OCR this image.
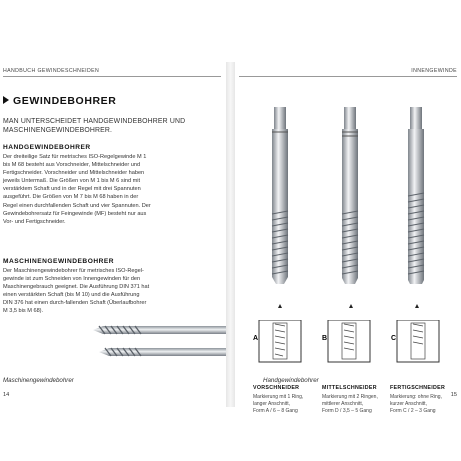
HANDBUCH GEWINDESCHNEIDEN
GEWINDEBOHRER
MAN UNTERSCHEIDET HANDGEWINDEBOHRER UND MASCHINENGEWINDEBOHRER.
HANDGEWINDEBOHRER
Der dreiteilige Satz für metrisches ISO-Regelgewinde M 1
bis M 68 besteht aus Vorschneider, Mittelschneider und
Fertigschneider. Vorschneider und Mittelschneider haben
jeweils Untermaß. Die Größen von M 1 bis M 6 sind mit
verstärktem Schaft und in der Regel mit drei Spannuten
ausgeführt. Die Größen von M 7 bis M 68 haben in der
Regel einen durchfallenden Schaft und vier Spannuten. Der
Gewindebohrersatz für Feingewinde (MF) besteht nur aus
Vor- und Fertigschneider.
MASCHINENGEWINDEBOHRER
Der Maschinengewindebohrer für metrisches ISO-Regel-
gewinde ist zum Schneiden von Innengewinden für den
Maschinengebrauch geeignet. Die Ausführung DIN 371 hat
einen verstärkten Schaft (bis M 10) und die Ausführung
DIN 376 hat einen durch-fallenden Schaft (Überlaufbohrer
M 3,5 bis M 68).
Maschinengewindebohrer
14
INNENGEWINDE
A	B	C
VORSCHNEIDER	MITTELSCHNEIDER FERTIGSCHNEIDER
Markierung mit 1 Ring,
langer Anschnitt,
Form A / 6 – 8 Gang
Markierung mit 2 Ringen,
mittlerer Anschnitt,
Form D / 3,5 – 5 Gang
Markierung: ohne Ring,
kurzer Anschnitt,
Form C / 2 – 3 Gang
Handgewindebohrer
15
